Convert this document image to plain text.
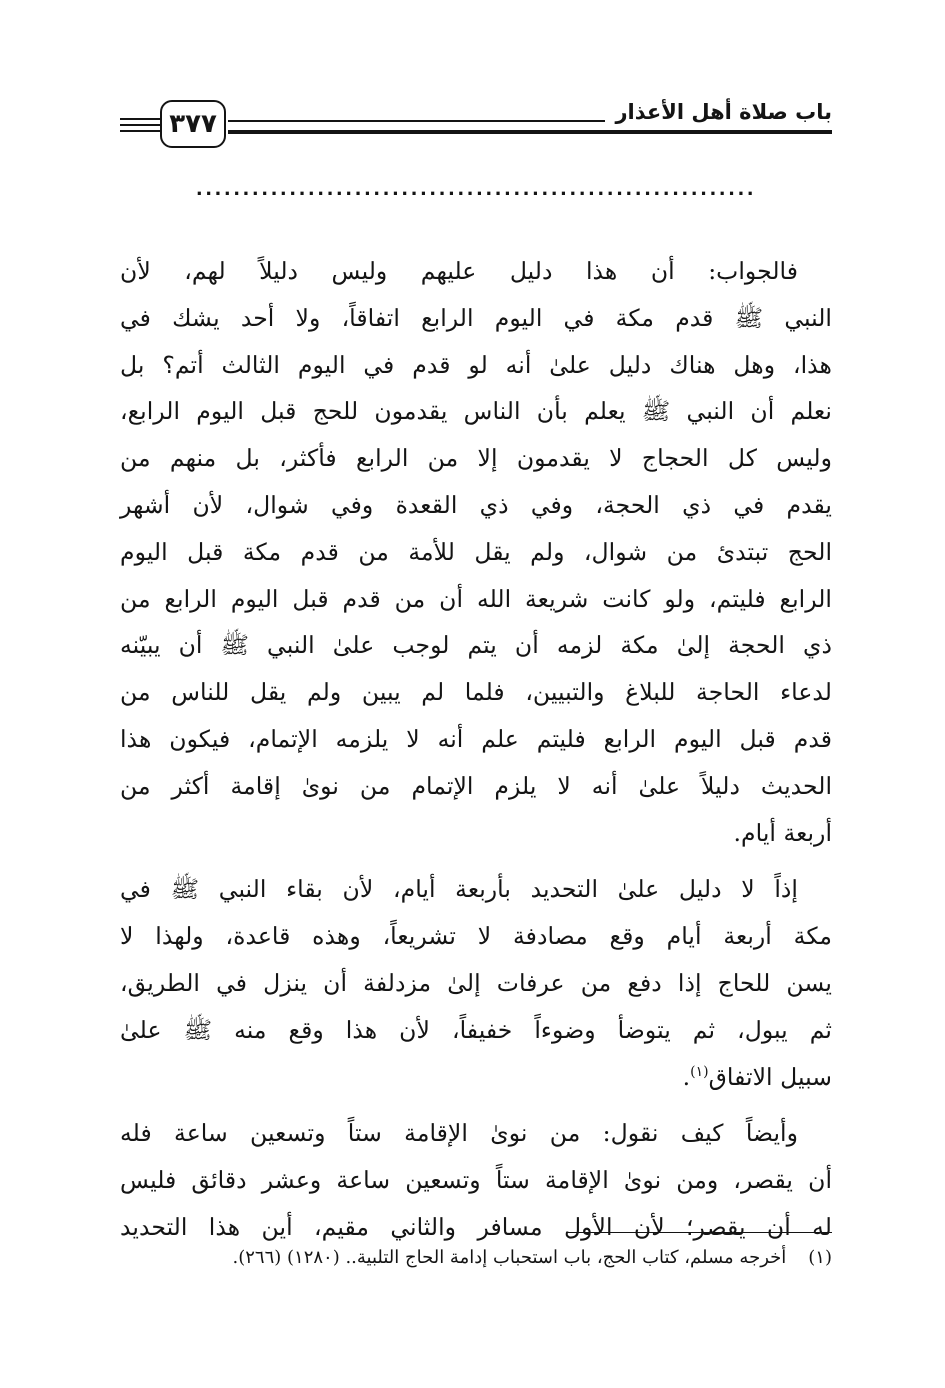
٣٧٧	باب صلاة أهل الأعذار
............................................................
فالجواب: أن هذا دليل عليهم وليس دليلاً لهم، لأن
النبي ﷺ قدم مكة في اليوم الرابع اتفاقاً، ولا أحد يشك في
هذا، وهل هناك دليل علىٰ أنه لو قدم في اليوم الثالث أتم؟ بل
نعلم أن النبي ﷺ يعلم بأن الناس يقدمون للحج قبل اليوم الرابع،
وليس كل الحجاج لا يقدمون إلا من الرابع فأكثر، بل منهم من
يقدم في ذي الحجة، وفي ذي القعدة وفي شوال، لأن أشهر
الحج تبتدئ من شوال، ولم يقل للأمة من قدم مكة قبل اليوم
الرابع فليتم، ولو كانت شريعة الله أن من قدم قبل اليوم الرابع من
ذي الحجة إلىٰ مكة لزمه أن يتم لوجب علىٰ النبي ﷺ أن يبيّنه
لدعاء الحاجة للبلاغ والتبيين، فلما لم يبين ولم يقل للناس من
قدم قبل اليوم الرابع فليتم علم أنه لا يلزمه الإتمام، فيكون هذا
الحديث دليلاً علىٰ أنه لا يلزم الإتمام من نوىٰ إقامة أكثر من
أربعة أيام.
إذاً لا دليل علىٰ التحديد بأربعة أيام، لأن بقاء النبي ﷺ في
مكة أربعة أيام وقع مصادفة لا تشريعاً، وهذه قاعدة، ولهذا لا
يسن للحاج إذا دفع من عرفات إلىٰ مزدلفة أن ينزل في الطريق،
ثم يبول، ثم يتوضأ وضوءاً خفيفاً، لأن هذا وقع منه ﷺ علىٰ
سبيل الاتفاق$^{(١)}$.
وأيضاً كيف نقول: من نوىٰ الإقامة ستاً وتسعين ساعة فله
أن يقصر، ومن نوىٰ الإقامة ستاً وتسعين ساعة وعشر دقائق فليس
له أن يقصر؛ لأن الأول مسافر والثاني مقيم، أين هذا التحديد
(١) أخرجه مسلم، كتاب الحج، باب استحباب إدامة الحاج التلبية.. (١٢٨٠) (٢٦٦).
